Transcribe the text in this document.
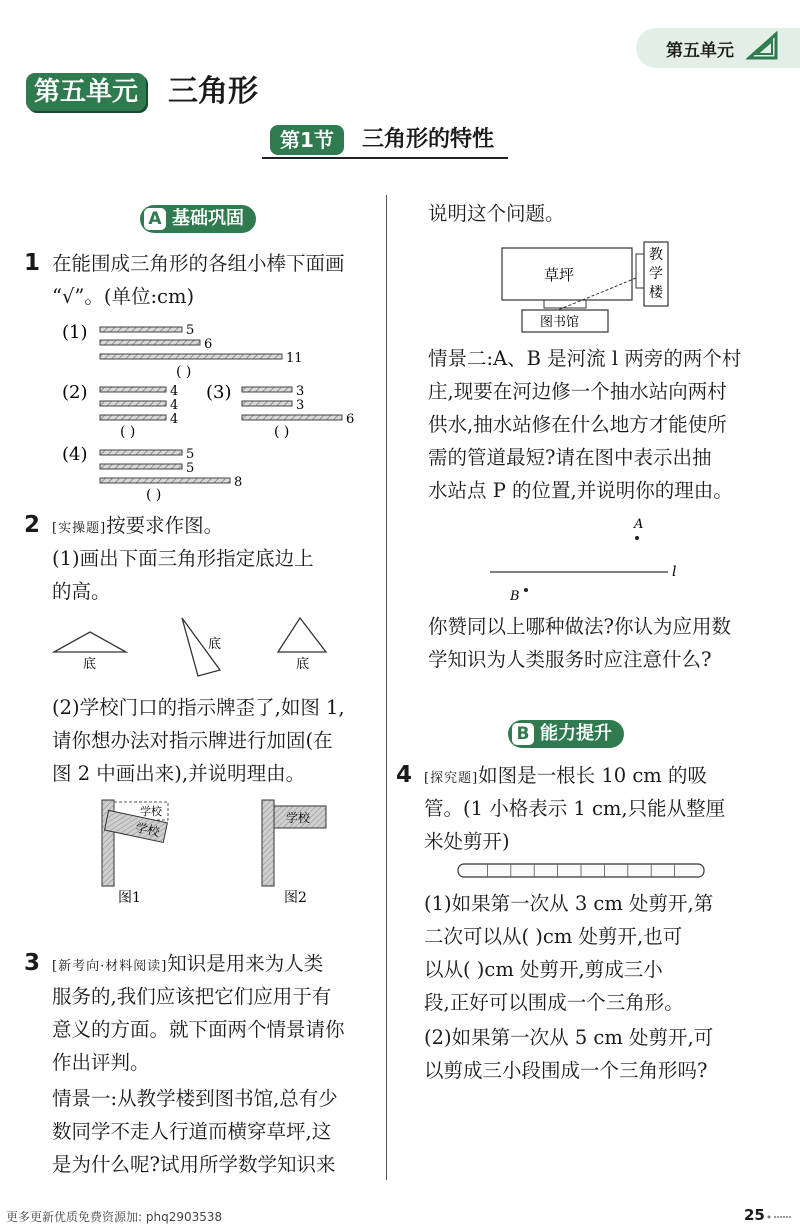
第五单元
第五单元 三角形
第1节	三角形的特性
A 基础巩固
1 在能围成三角形的各组小棒下面画
“√”。(单位:cm)
(1)	5
6
11
( )
(2)	4
4
4
( )
(3)	3
3
6
( )
(4)	5
5
8
( )
2 [实操题]按要求作图。
(1)画出下面三角形指定底边上
的高。
底
底
底
(2)学校门口的指示牌歪了,如图 1,
请你想办法对指示牌进行加固(在
图 2 中画出来),并说明理由。
学校
学校
图1
学校
图2
3 [新考向·材料阅读]知识是用来为人类
服务的,我们应该把它们应用于有
意义的方面。就下面两个情景请你
作出评判。
情景一:从教学楼到图书馆,总有少
数同学不走人行道而横穿草坪,这
是为什么呢?试用所学数学知识来
说明这个问题。
草坪
教
学
楼
图书馆
情景二:A、B 是河流 l 两旁的两个村
庄,现要在河边修一个抽水站向两村
供水,抽水站修在什么地方才能使所
需的管道最短?请在图中表示出抽
水站点 P 的位置,并说明你的理由。
A
l
B
你赞同以上哪种做法?你认为应用数
学知识为人类服务时应注意什么?
B 能力提升
4 [探究题]如图是一根长 10 cm 的吸
管。(1 小格表示 1 cm,只能从整厘
米处剪开)
(1)如果第一次从 3 cm 处剪开,第
二次可以从( )cm 处剪开,也可
以从( )cm 处剪开,剪成三小
段,正好可以围成一个三角形。
(2)如果第一次从 5 cm 处剪开,可
以剪成三小段围成一个三角形吗?
更多更新优质免费资源加: phq2903538	25
